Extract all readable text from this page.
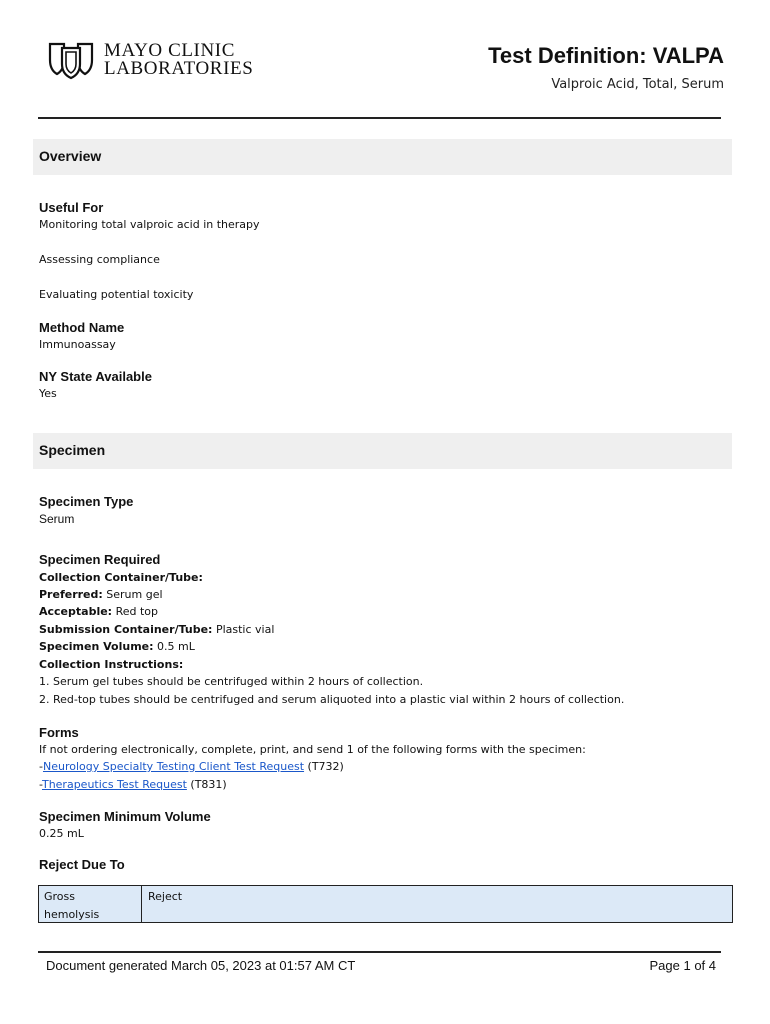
MAYO CLINIC
LABORATORIES
Test Definition: VALPA
Valproic Acid, Total, Serum
Overview
Useful For
Monitoring total valproic acid in therapy
Assessing compliance
Evaluating potential toxicity
Method Name
Immunoassay
NY State Available
Yes
Specimen
Specimen Type
Serum
Specimen Required
Collection Container/Tube:
Preferred: Serum gel
Acceptable: Red top
Submission Container/Tube: Plastic vial
Specimen Volume: 0.5 mL
Collection Instructions:
1. Serum gel tubes should be centrifuged within 2 hours of collection.
2. Red-top tubes should be centrifuged and serum aliquoted into a plastic vial within 2 hours of collection.
Forms
If not ordering electronically, complete, print, and send 1 of the following forms with the specimen:
-Neurology Specialty Testing Client Test Request (T732)
-Therapeutics Test Request (T831)
Specimen Minimum Volume
0.25 mL
Reject Due To
Gross
hemolysis
Reject
Document generated March 05, 2023 at 01:57 AM CT	Page 1 of 4
